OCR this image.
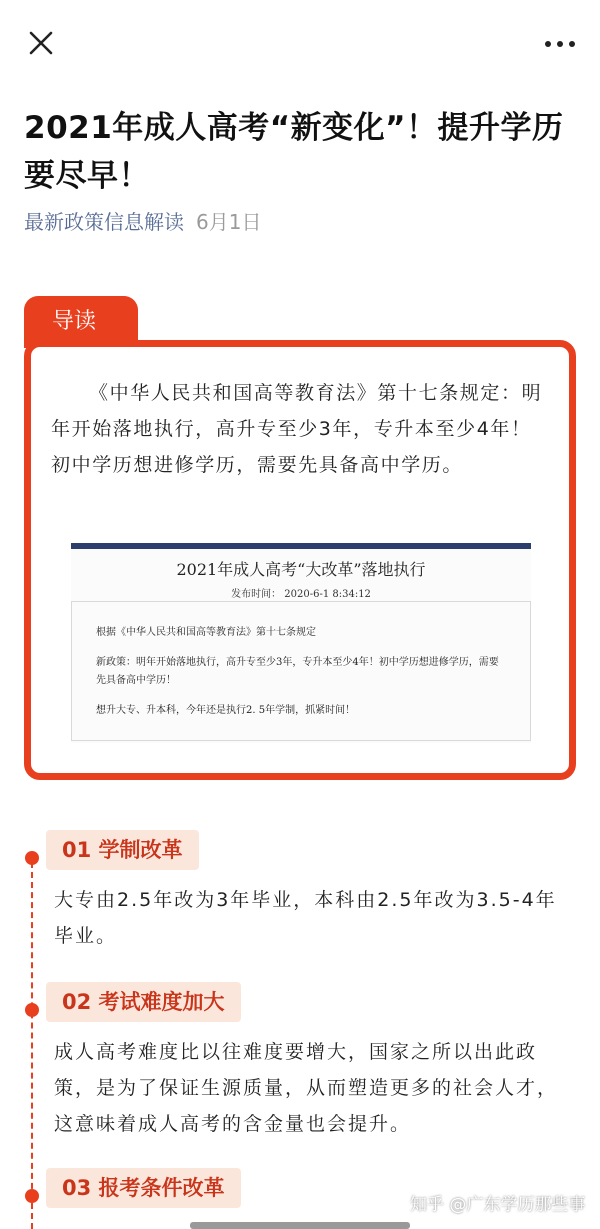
2021年成人高考“新变化”！提升学历要尽早！
最新政策信息解读 6月1日
导读
《中华人民共和国高等教育法》第十七条规定：明年开始落地执行，高升专至少3年，专升本至少4年！初中学历想进修学历，需要先具备高中学历。
2021年成人高考“大改革”落地执行
发布时间： 2020-6-1 8:34:12

根据《中华人民共和国高等教育法》第十七条规定

新政策：明年开始落地执行，高升专至少3年，专升本至少4年！初中学历想进修学历，需要先具备高中学历！

想升大专、升本科，今年还是执行2. 5年学制，抓紧时间！

01 学制改革
大专由2.5年改为3年毕业，本科由2.5年改为3.5-4年毕业。
02 考试难度加大
成人高考难度比以往难度要增大，国家之所以出此政策，是为了保证生源质量，从而塑造更多的社会人才，这意味着成人高考的含金量也会提升。
03 报考条件改革
知乎 @广东学历那些事
